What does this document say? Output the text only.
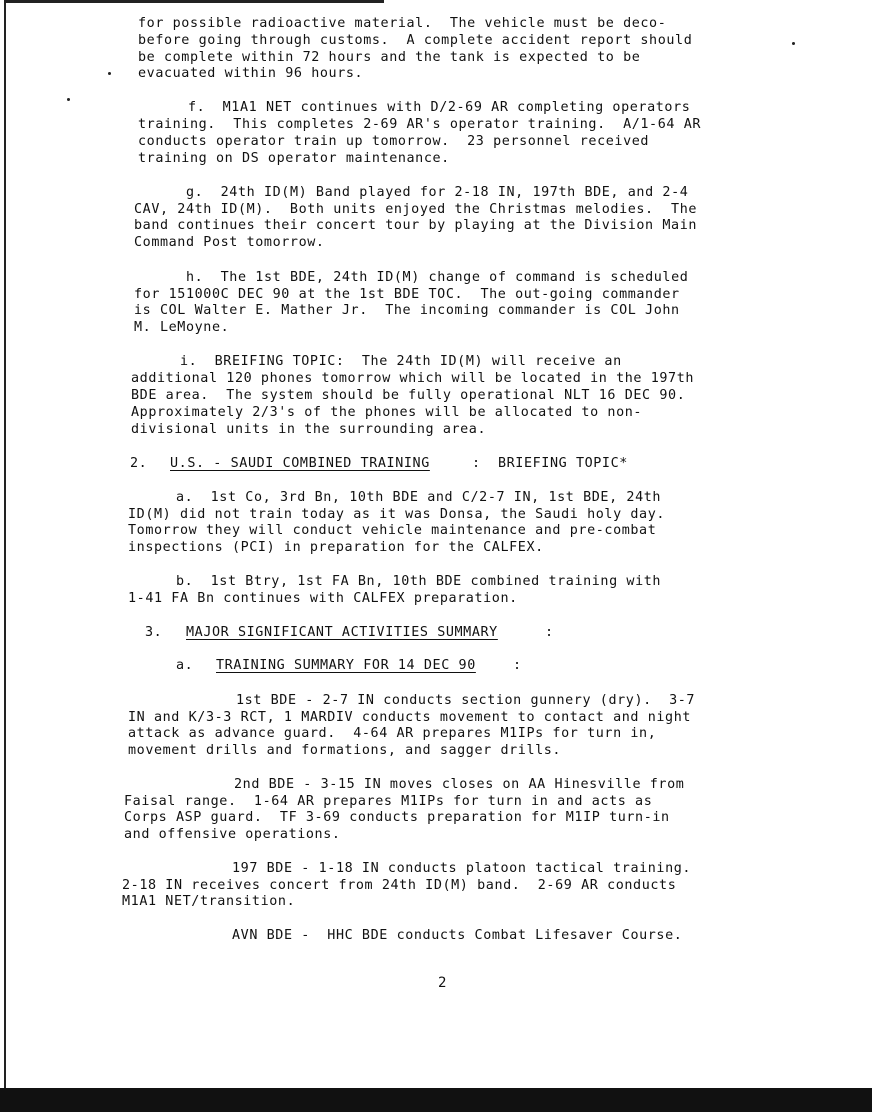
for possible radioactive material.  The vehicle must be deco-
before going through customs.  A complete accident report should
be complete within 72 hours and the tank is expected to be
evacuated within 96 hours.
f.  M1A1 NET continues with D/2-69 AR completing operators
training.  This completes 2-69 AR's operator training.  A/1-64 AR
conducts operator train up tomorrow.  23 personnel received
training on DS operator maintenance.
g.  24th ID(M) Band played for 2-18 IN, 197th BDE, and 2-4
CAV, 24th ID(M).  Both units enjoyed the Christmas melodies.  The
band continues their concert tour by playing at the Division Main
Command Post tomorrow.
h.  The 1st BDE, 24th ID(M) change of command is scheduled
for 151000C DEC 90 at the 1st BDE TOC.  The out-going commander
is COL Walter E. Mather Jr.  The incoming commander is COL John
M. LeMoyne.
i.  BREIFING TOPIC:  The 24th ID(M) will receive an
additional 120 phones tomorrow which will be located in the 197th
BDE area.  The system should be fully operational NLT 16 DEC 90.
Approximately 2/3's of the phones will be allocated to non-
divisional units in the surrounding area.
2. U.S. - SAUDI COMBINED TRAINING	:  BRIEFING TOPIC*
a.  1st Co, 3rd Bn, 10th BDE and C/2-7 IN, 1st BDE, 24th
ID(M) did not train today as it was Donsa, the Saudi holy day.
Tomorrow they will conduct vehicle maintenance and pre-combat
inspections (PCI) in preparation for the CALFEX.
b.  1st Btry, 1st FA Bn, 10th BDE combined training with
1-41 FA Bn continues with CALFEX preparation.
3. MAJOR SIGNIFICANT ACTIVITIES SUMMARY	:
a. TRAINING SUMMARY FOR 14 DEC 90	:
1st BDE - 2-7 IN conducts section gunnery (dry).  3-7
IN and K/3-3 RCT, 1 MARDIV conducts movement to contact and night
attack as advance guard.  4-64 AR prepares M1IPs for turn in,
movement drills and formations, and sagger drills.
2nd BDE - 3-15 IN moves closes on AA Hinesville from
Faisal range.  1-64 AR prepares M1IPs for turn in and acts as
Corps ASP guard.  TF 3-69 conducts preparation for M1IP turn-in
and offensive operations.
197 BDE - 1-18 IN conducts platoon tactical training.
2-18 IN receives concert from 24th ID(M) band.  2-69 AR conducts
M1A1 NET/transition.
AVN BDE -  HHC BDE conducts Combat Lifesaver Course.
2
